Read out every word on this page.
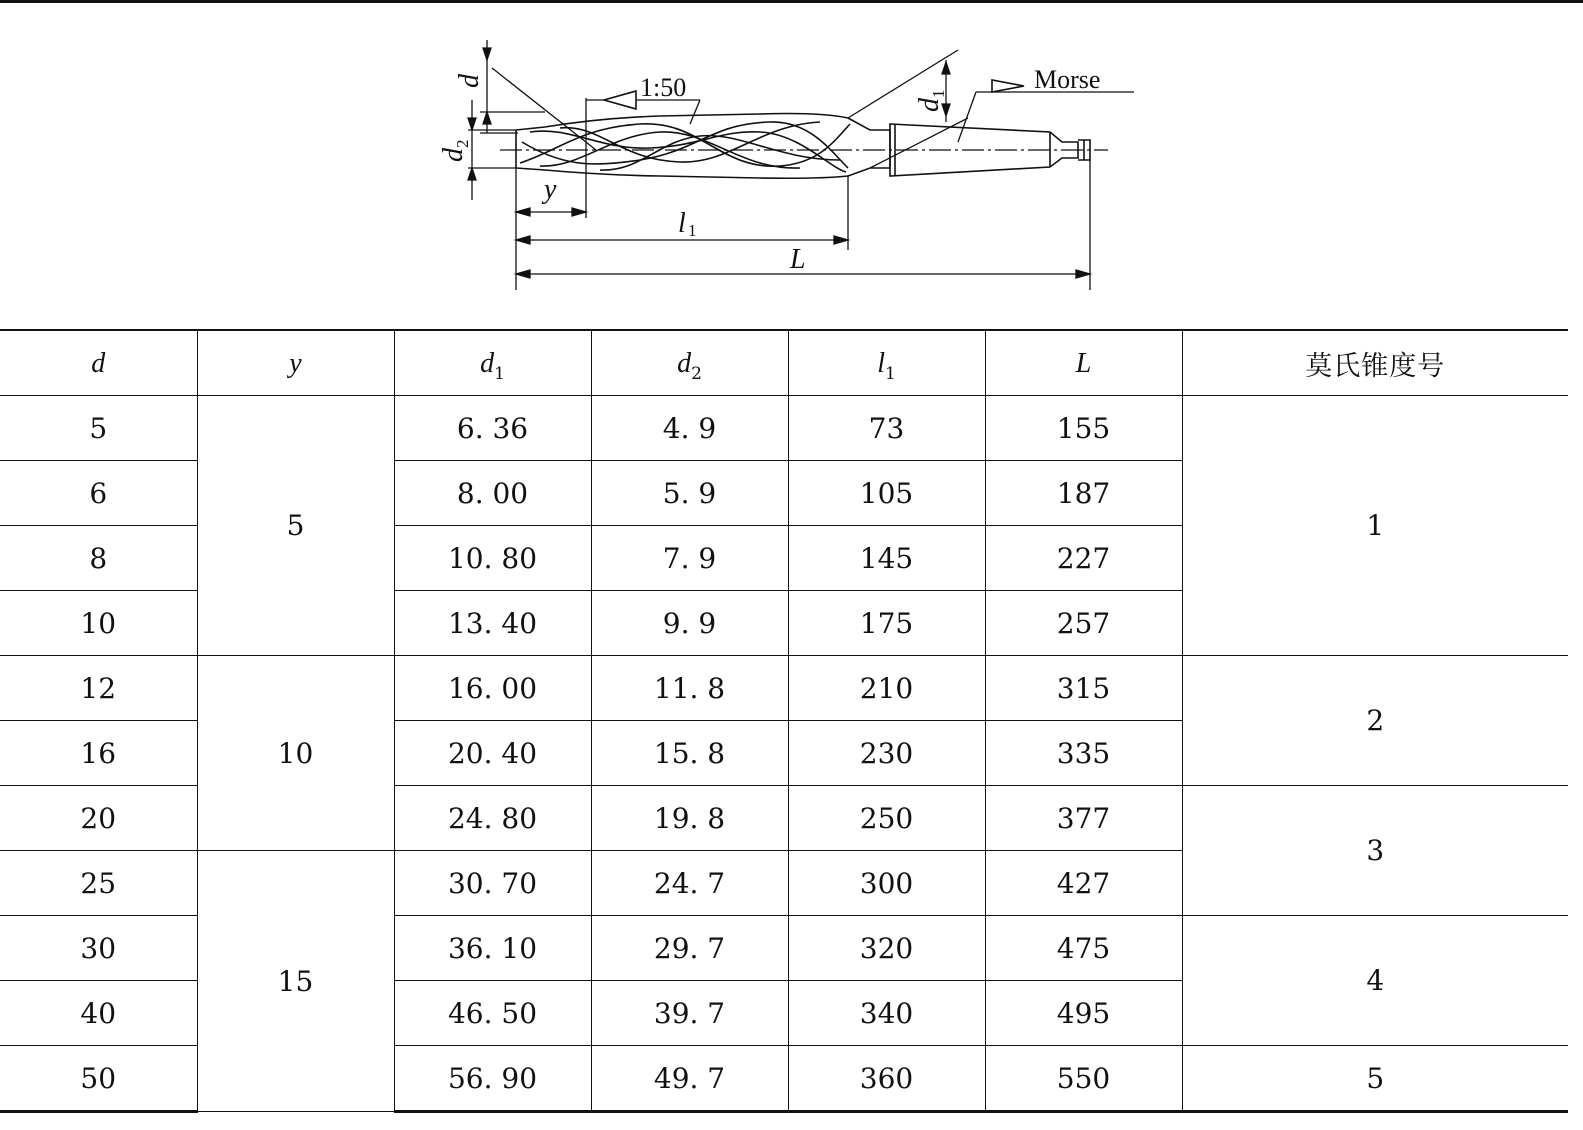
1:50	Morse
d
d
2
d
1
y
l 1
L
d	y	$d_1$	$d_2$	$l_1$	L	莫氏锥度号
5	5	6. 36	4. 9	73	155	1
6		8. 00	5. 9	105	187	
8		10. 80	7. 9	145	227	
10		13. 40	9. 9	175	257	
12	10	16. 00	11. 8	210	315	2
16		20. 40	15. 8	230	335	
20		24. 80	19. 8	250	377	3
25	15	30. 70	24. 7	300	427	
30		36. 10	29. 7	320	475	4
40		46. 50	39. 7	340	495	
50		56. 90	49. 7	360	550	5
